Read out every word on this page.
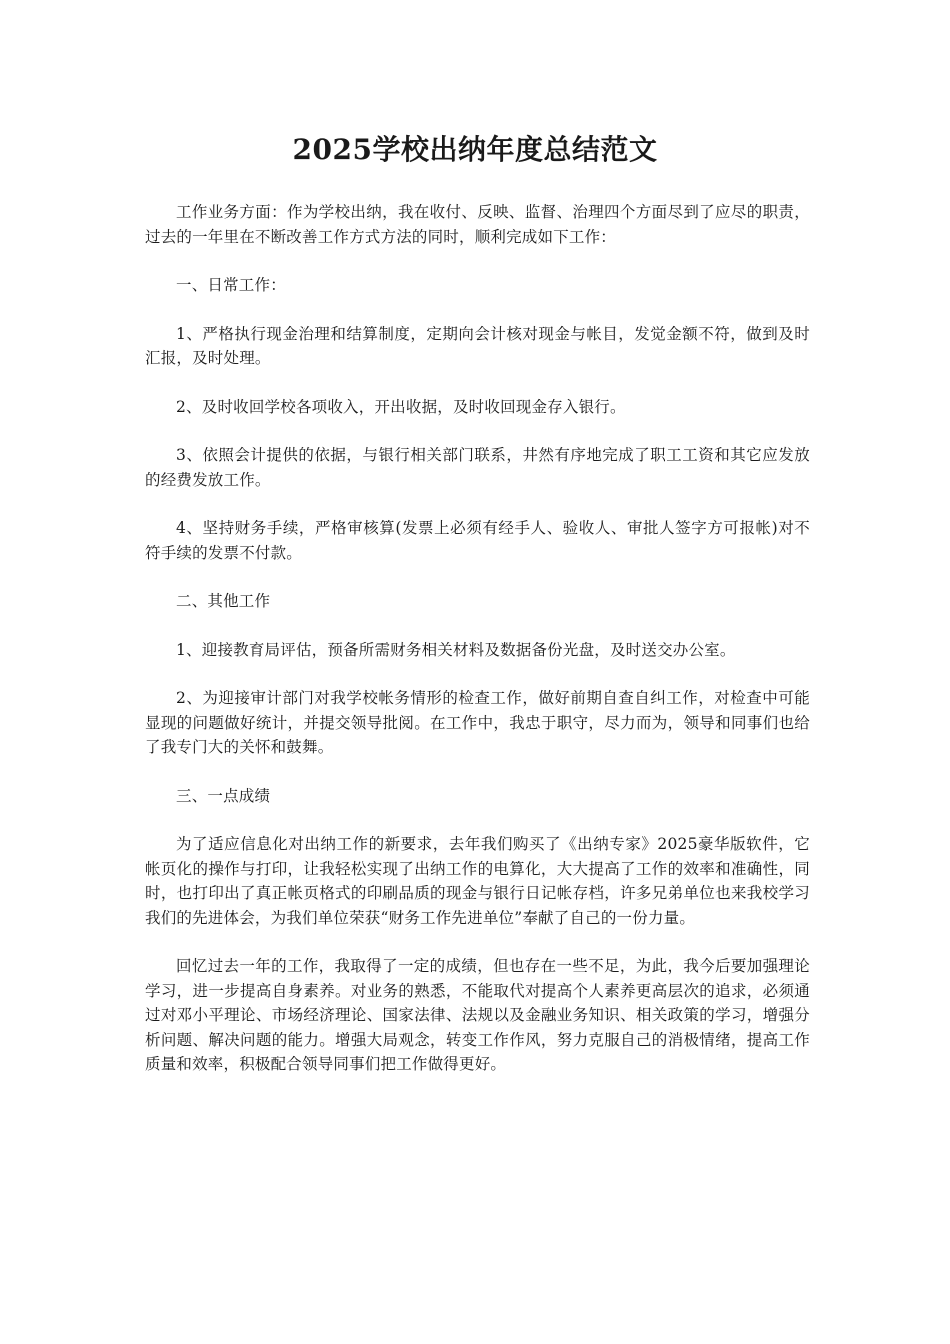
2025学校出纳年度总结范文

工作业务方面：作为学校出纳，我在收付、反映、监督、治理四个方面尽到了应尽的职责，过去的一年里在不断改善工作方式方法的同时，顺利完成如下工作：

一、日常工作：

1、严格执行现金治理和结算制度，定期向会计核对现金与帐目，发觉金额不符，做到及时汇报，及时处理。

2、及时收回学校各项收入，开出收据，及时收回现金存入银行。

3、依照会计提供的依据，与银行相关部门联系，井然有序地完成了职工工资和其它应发放的经费发放工作。

4、坚持财务手续，严格审核算(发票上必须有经手人、验收人、审批人签字方可报帐)对不符手续的发票不付款。

二、其他工作

1、迎接教育局评估，预备所需财务相关材料及数据备份光盘，及时送交办公室。

2、为迎接审计部门对我学校帐务情形的检查工作，做好前期自查自纠工作，对检查中可能显现的问题做好统计，并提交领导批阅。在工作中，我忠于职守，尽力而为，领导和同事们也给了我专门大的关怀和鼓舞。

三、一点成绩

为了适应信息化对出纳工作的新要求，去年我们购买了《出纳专家》2025豪华版软件，它帐页化的操作与打印，让我轻松实现了出纳工作的电算化，大大提高了工作的效率和准确性，同时，也打印出了真正帐页格式的印刷品质的现金与银行日记帐存档，许多兄弟单位也来我校学习我们的先进体会，为我们单位荣获“财务工作先进单位”奉献了自己的一份力量。

回忆过去一年的工作，我取得了一定的成绩，但也存在一些不足，为此，我今后要加强理论学习，进一步提高自身素养。对业务的熟悉，不能取代对提高个人素养更高层次的追求，必须通过对邓小平理论、市场经济理论、国家法律、法规以及金融业务知识、相关政策的学习，增强分析问题、解决问题的能力。增强大局观念，转变工作作风，努力克服自己的消极情绪，提高工作质量和效率，积极配合领导同事们把工作做得更好。
